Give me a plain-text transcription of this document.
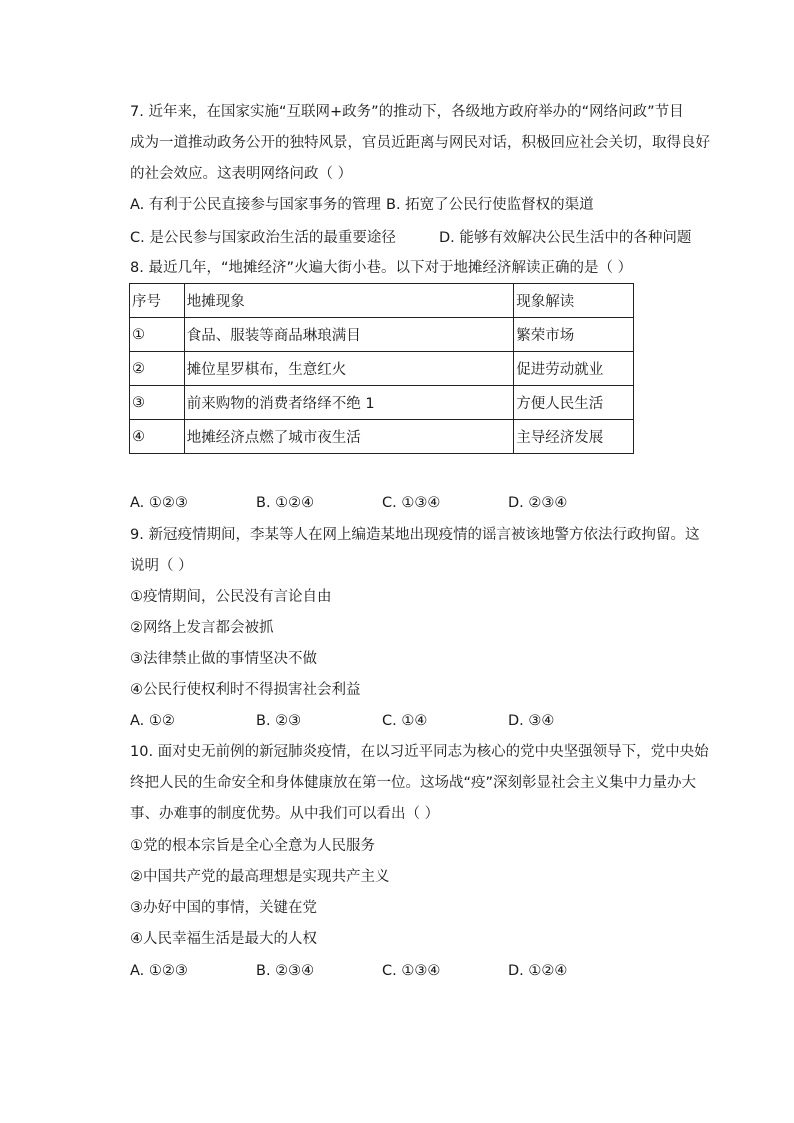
7. 近年来，在国家实施“互联网+政务”的推动下，各级地方政府举办的“网络问政”节目
成为一道推动政务公开的独特风景，官员近距离与网民对话，积极回应社会关切，取得良好
的社会效应。这表明网络问政（ ）
A. 有利于公民直接参与国家事务的管理 B. 拓宽了公民行使监督权的渠道
C. 是公民参与国家政治生活的最重要途径	D. 能够有效解决公民生活中的各种问题
8. 最近几年，“地摊经济”火遍大街小巷。以下对于地摊经济解读正确的是（ ）
序号	地摊现象	现象解读
①	食品、服装等商品琳琅满目	繁荣市场
②	摊位星罗棋布，生意红火	促进劳动就业
③	前来购物的消费者络绎不绝 1	方便人民生活
④	地摊经济点燃了城市夜生活	主导经济发展
A. ①②③	B. ①②④	C. ①③④	D. ②③④
9. 新冠疫情期间，李某等人在网上编造某地出现疫情的谣言被该地警方依法行政拘留。这
说明（ ）
①疫情期间，公民没有言论自由
②网络上发言都会被抓
③法律禁止做的事情坚决不做
④公民行使权利时不得损害社会利益
A. ①②	B. ②③	C. ①④	D. ③④
10. 面对史无前例的新冠肺炎疫情，在以习近平同志为核心的党中央坚强领导下，党中央始
终把人民的生命安全和身体健康放在第一位。这场战“疫”深刻彰显社会主义集中力量办大
事、办难事的制度优势。从中我们可以看出（ ）
①党的根本宗旨是全心全意为人民服务
②中国共产党的最高理想是实现共产主义
③办好中国的事情，关键在党
④人民幸福生活是最大的人权
A. ①②③	B. ②③④	C. ①③④	D. ①②④
